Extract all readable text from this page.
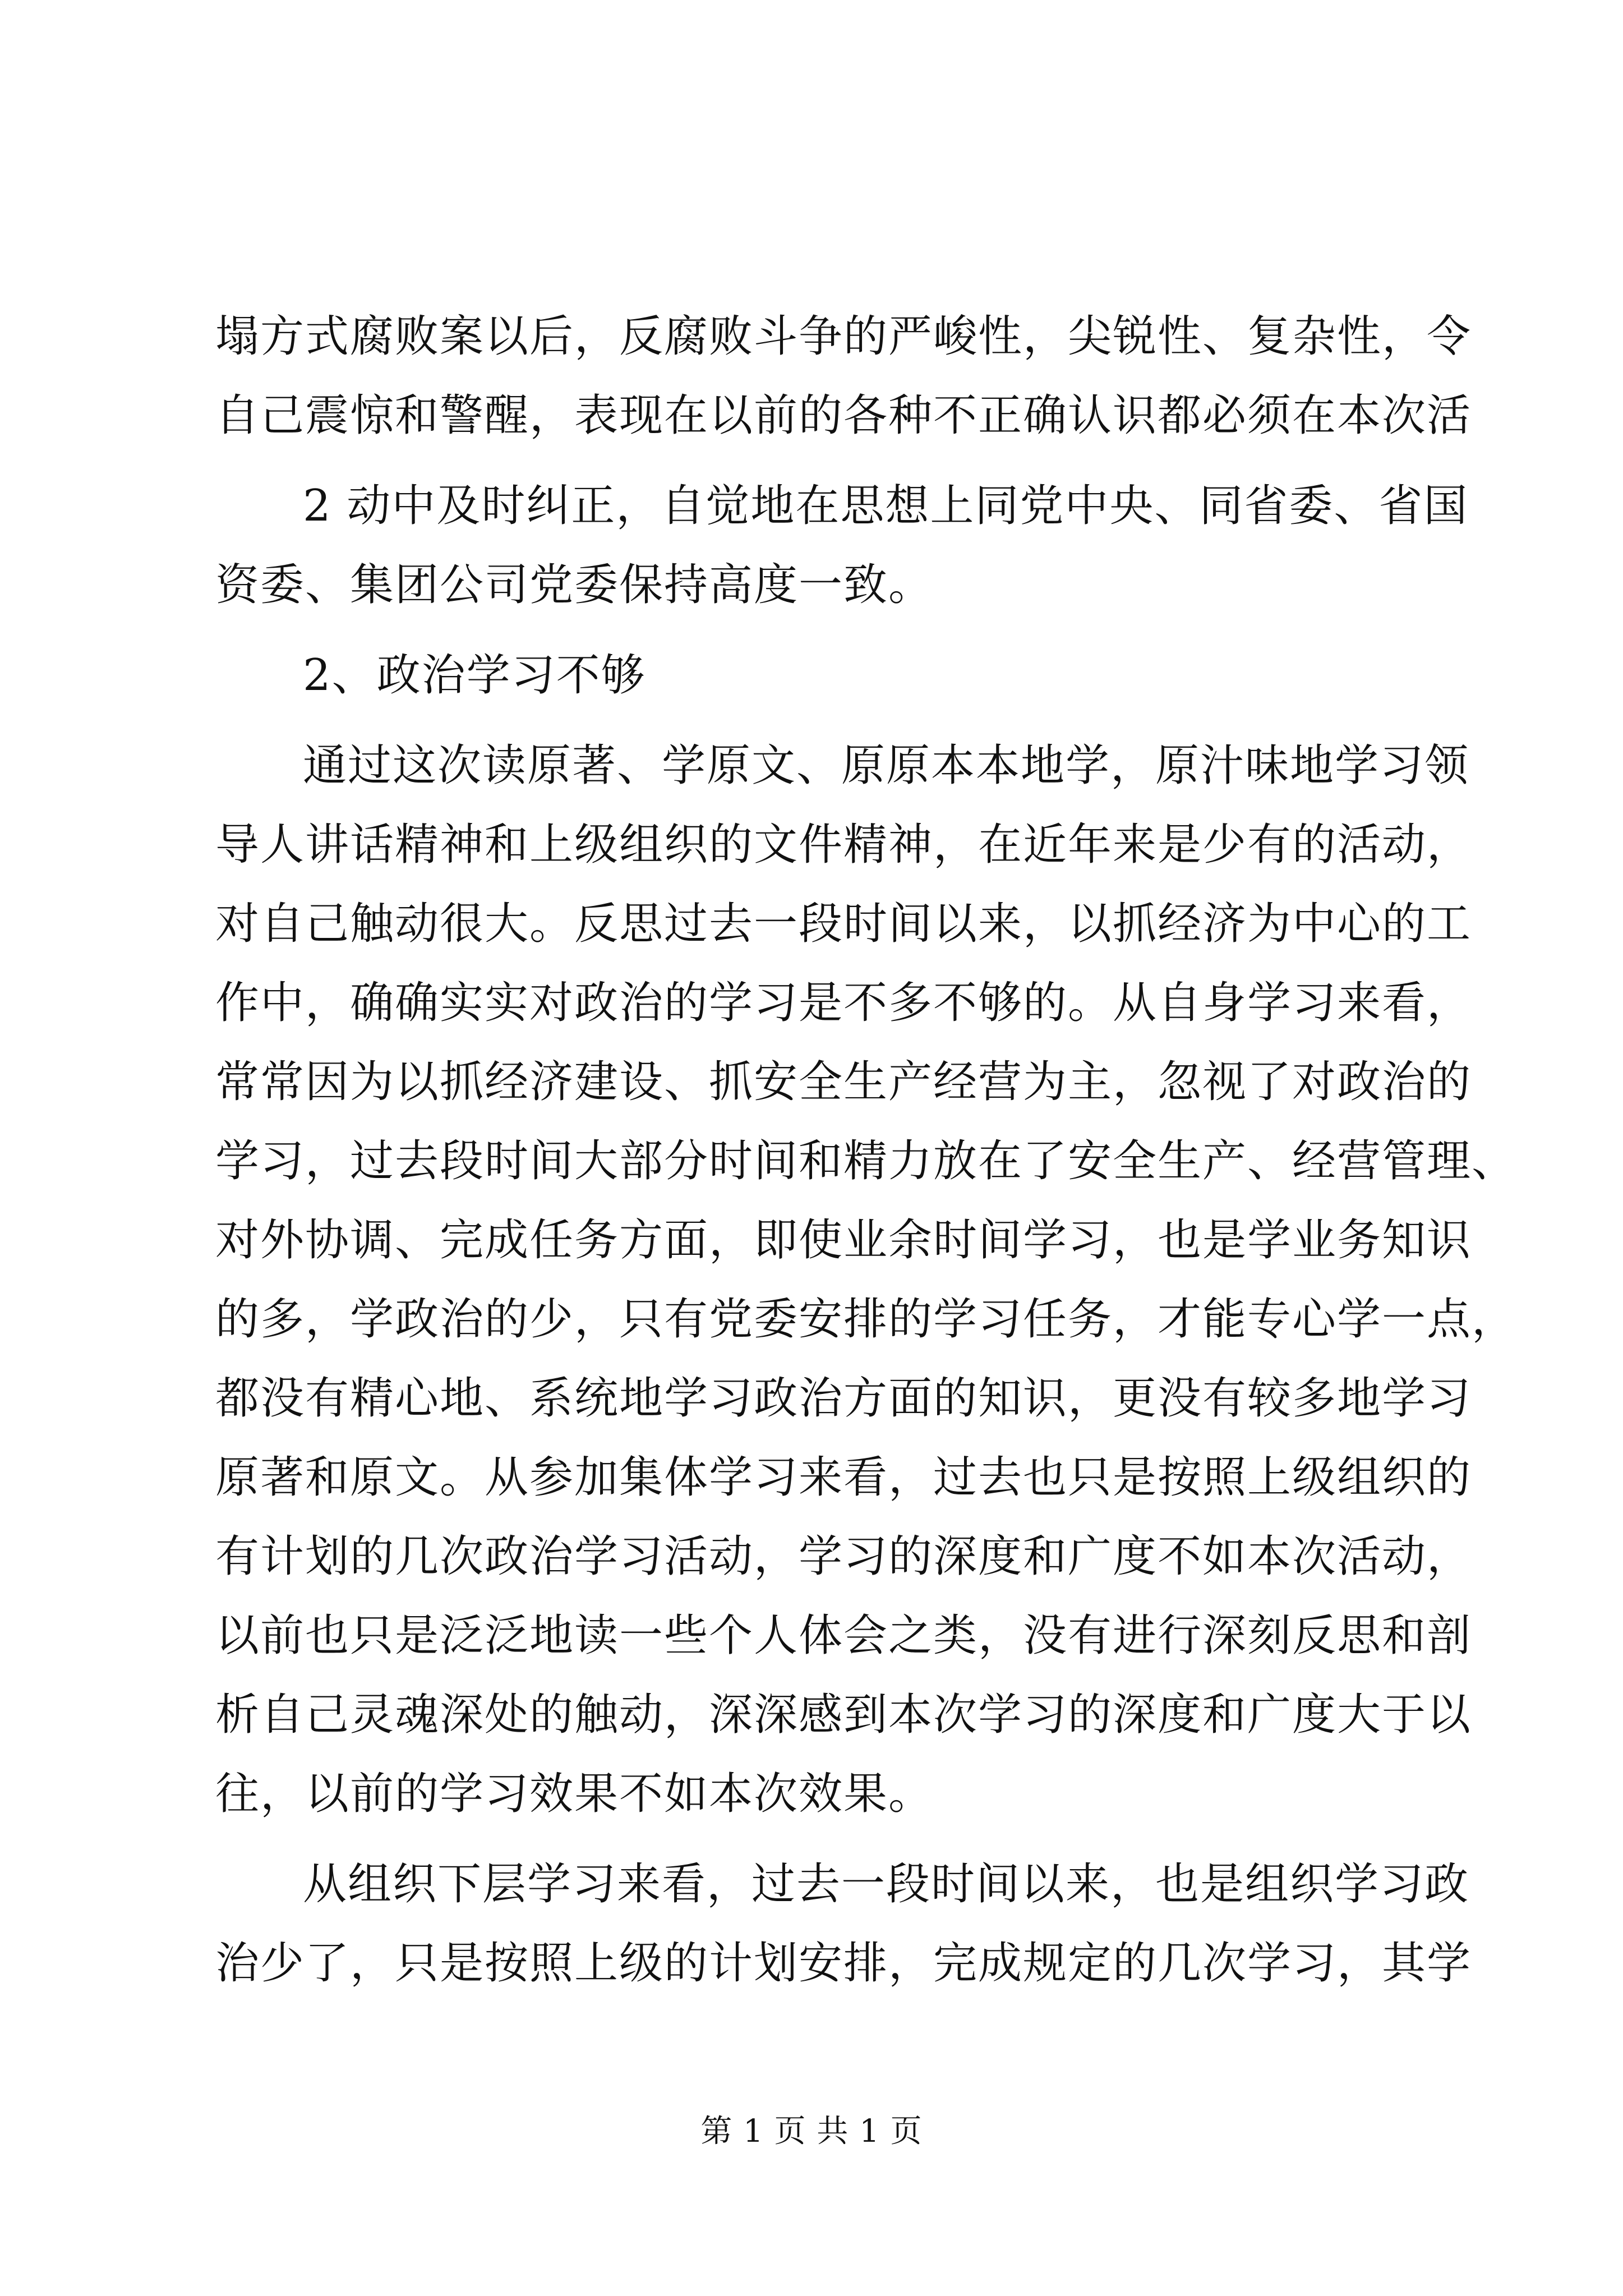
塌方式腐败案以后，反腐败斗争的严峻性，尖锐性、复杂性，令
自己震惊和警醒，表现在以前的各种不正确认识都必须在本次活
2 动中及时纠正，自觉地在思想上同党中央、同省委、省国
资委、集团公司党委保持高度一致。
2、政治学习不够
通过这次读原著、学原文、原原本本地学，原汁味地学习领
导人讲话精神和上级组织的文件精神，在近年来是少有的活动，
对自己触动很大。反思过去一段时间以来，以抓经济为中心的工
作中，确确实实对政治的学习是不多不够的。从自身学习来看，
常常因为以抓经济建设、抓安全生产经营为主，忽视了对政治的
学习，过去段时间大部分时间和精力放在了安全生产、经营管理、
对外协调、完成任务方面，即使业余时间学习，也是学业务知识
的多，学政治的少，只有党委安排的学习任务，才能专心学一点，
都没有精心地、系统地学习政治方面的知识，更没有较多地学习
原著和原文。从参加集体学习来看，过去也只是按照上级组织的
有计划的几次政治学习活动，学习的深度和广度不如本次活动，
以前也只是泛泛地读一些个人体会之类，没有进行深刻反思和剖
析自己灵魂深处的触动，深深感到本次学习的深度和广度大于以
往，以前的学习效果不如本次效果。
从组织下层学习来看，过去一段时间以来，也是组织学习政
治少了，只是按照上级的计划安排，完成规定的几次学习，其学
第 1 页 共 1 页
